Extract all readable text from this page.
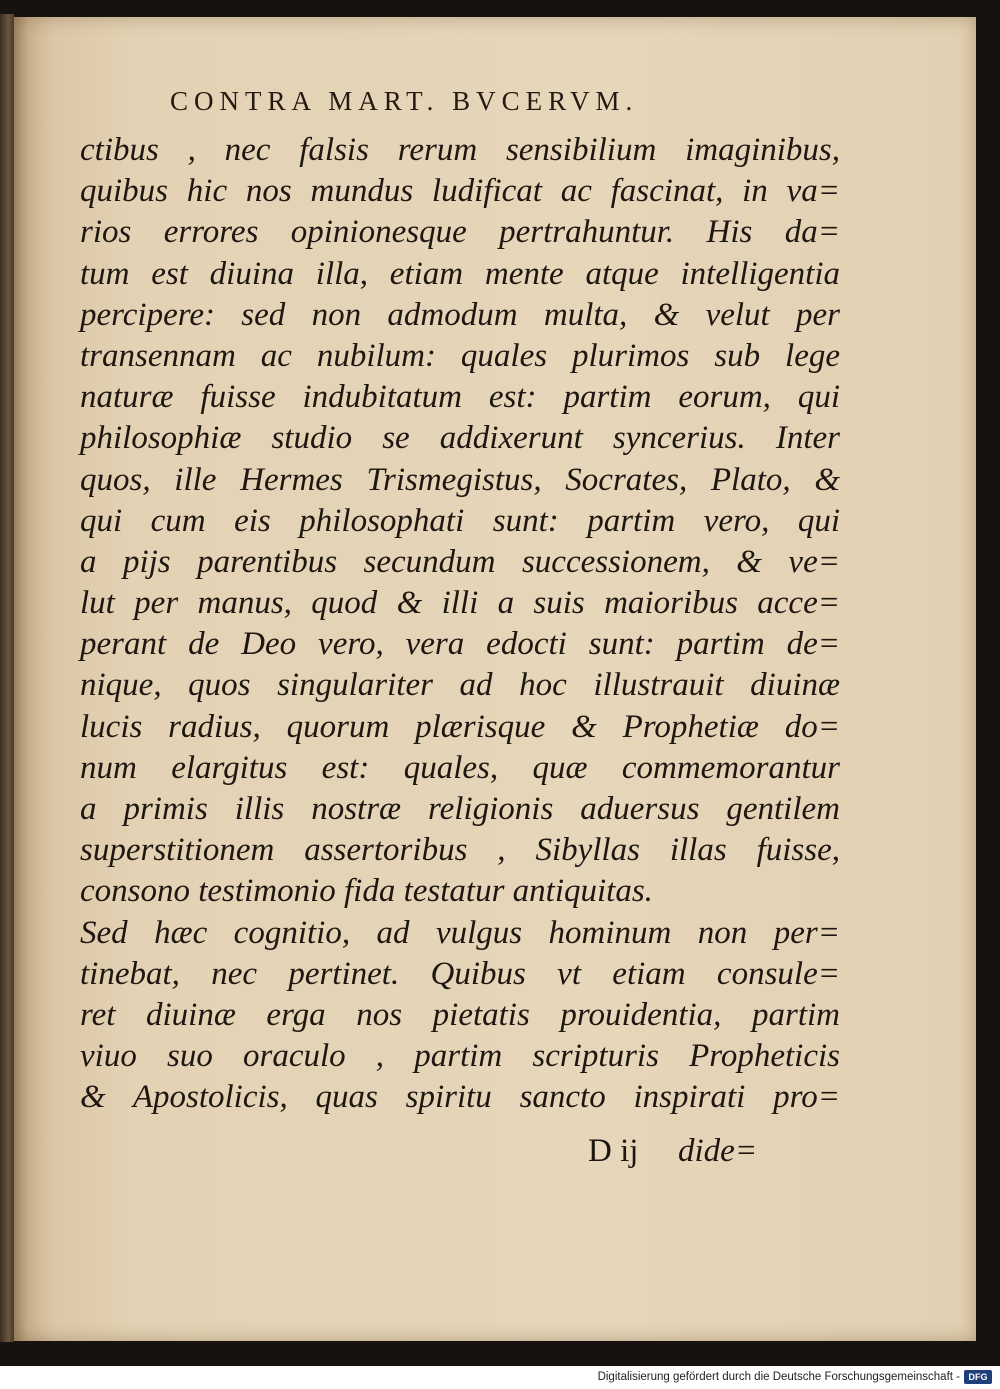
CONTRA MART. BVCERVM.
ctibus , nec falsis rerum sensibilium imaginibus,
quibus hic nos mundus ludificat ac fascinat, in va=
rios errores opinionesque pertrahuntur. His da=
tum est diuina illa, etiam mente atque intelligentia
percipere: sed non admodum multa, & velut per
transennam ac nubilum: quales plurimos sub lege
naturæ fuisse indubitatum est: partim eorum, qui
philosophiæ studio se addixerunt syncerius. Inter
quos, ille Hermes Trismegistus, Socrates, Plato, &
qui cum eis philosophati sunt: partim vero, qui
a pijs parentibus secundum successionem, & ve=
lut per manus, quod & illi a suis maioribus acce=
perant de Deo vero, vera edocti sunt: partim de=
nique, quos singulariter ad hoc illustrauit diuinæ
lucis radius, quorum plærisque & Prophetiæ do=
num elargitus est: quales, quæ commemorantur
a primis illis nostræ religionis aduersus gentilem
superstitionem assertoribus , Sibyllas illas fuisse,
consono testimonio fida testatur antiquitas.
Sed hæc cognitio, ad vulgus hominum non per=
tinebat, nec pertinet. Quibus vt etiam consule=
ret diuinæ erga nos pietatis prouidentia, partim
viuo suo oraculo , partim scripturis Propheticis
& Apostolicis, quas spiritu sancto inspirati pro=
D ij dide=
Digitalisierung gefördert durch die Deutsche Forschungsgemeinschaft - DFG
